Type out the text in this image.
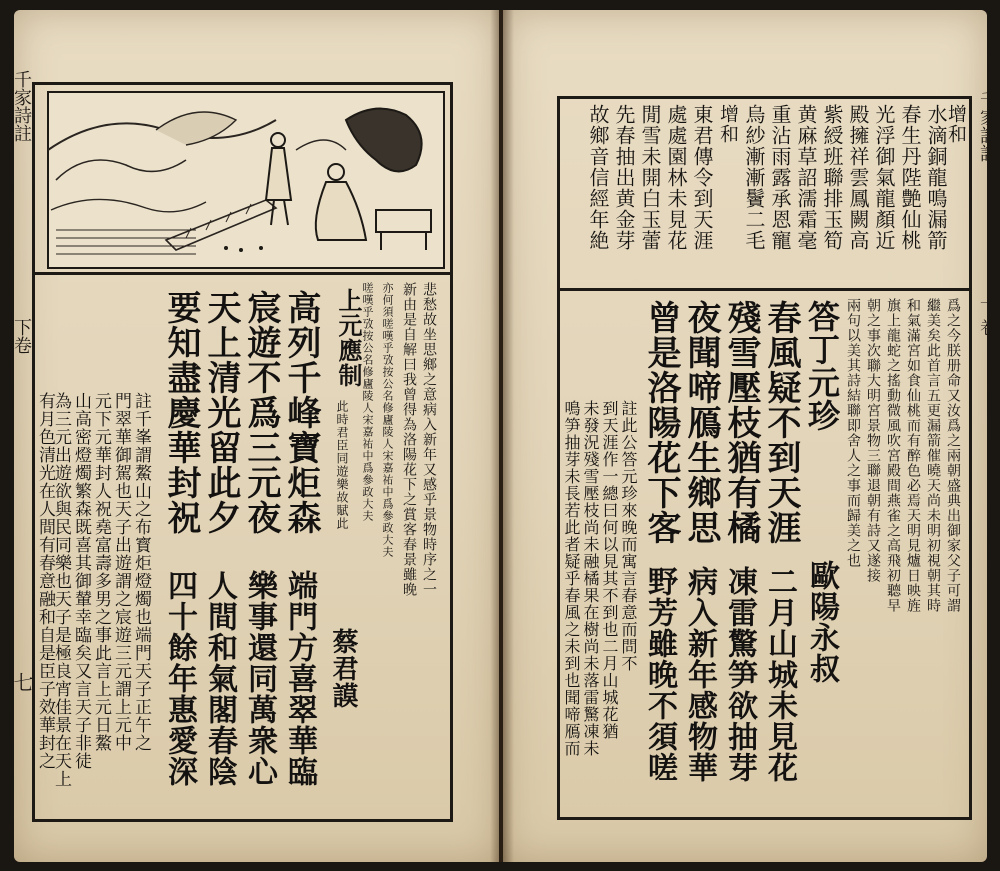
千家詩註
下卷
七
悲愁故坐思鄉之意病入新年又感乎景物時序之一
新由是自解曰我曾得為洛陽花下之賞客春景雖晚
亦何須嗟嘆乎攷按公名修廬陵人宋嘉祐中爲參政大夫
嗟嘆乎攷按公名修廬陵人宋嘉祐中爲參政大夫
上元應制
此時君臣同遊樂故賦此
高列千峰寶炬森
宸遊不爲三元夜
天上清光留此夕
要知盡慶華封祝
蔡君謨
端門方喜翠華臨
樂事還同萬衆心
人間和氣閣春陰
四十餘年惠愛深
註千峯謂鰲山之布寳炬燈燭也端門天子正午之
門翠華御駕也天子出遊謂之宸遊三元謂上元中
元下元華封人祝堯富壽多男之事此言上元日鰲
山高密燈燭繁森既喜其御輦幸臨矣又言天子非徒
為三元出遊欲與民同樂也天子是極良宵佳景在天上
有月色清光在人間有春意融和自是臣子效華封之
千家詩註
下卷
增和
水滴銅龍鳴漏箭
春生丹陛艶仙桃
光浮御氣龍顏近
殿擁祥雲鳳闕高
紫綬班聯排玉筍
黄麻草詔濡霜毫
重沾雨露承恩寵
烏紗漸漸鬢二毛
增和
東君傳令到天涯
處處園林未見花
閒雪未開白玉蕾
先春抽出黄金芽
故鄉音信經年絶
爲之今朕册命又汝爲之兩朝盛典出御家父子可謂
繼美矣此首言五更漏箭催曉天尚未明初視朝其時
和氣滿宮如食仙桃而有醉色必焉天明見爐日映旌
旗上龍蛇之搖動微風吹宮殿間燕雀之高飛初聽早
朝之事次聯大明宮景物三聯退朝有詩又遂接
兩句以美其詩結聯即舍人之事而歸美之也
答丁元珍
歐陽永叔
春風疑不到天涯
殘雪壓枝猶有橘
夜聞啼鴈生鄉思
曾是洛陽花下客
二月山城未見花
凍雷驚笋欲抽芽
病入新年感物華
野芳雖晚不須嗟
註此公答元珍來晚而寓言春意而問不
到天涯作一總曰何以見其不到也二月山城花猶
未發況殘雪壓枝尚未融橘果在樹尚未落雷驚凍未
鳴笋抽芽未長若此者疑乎春風之未到也聞啼鴈而
